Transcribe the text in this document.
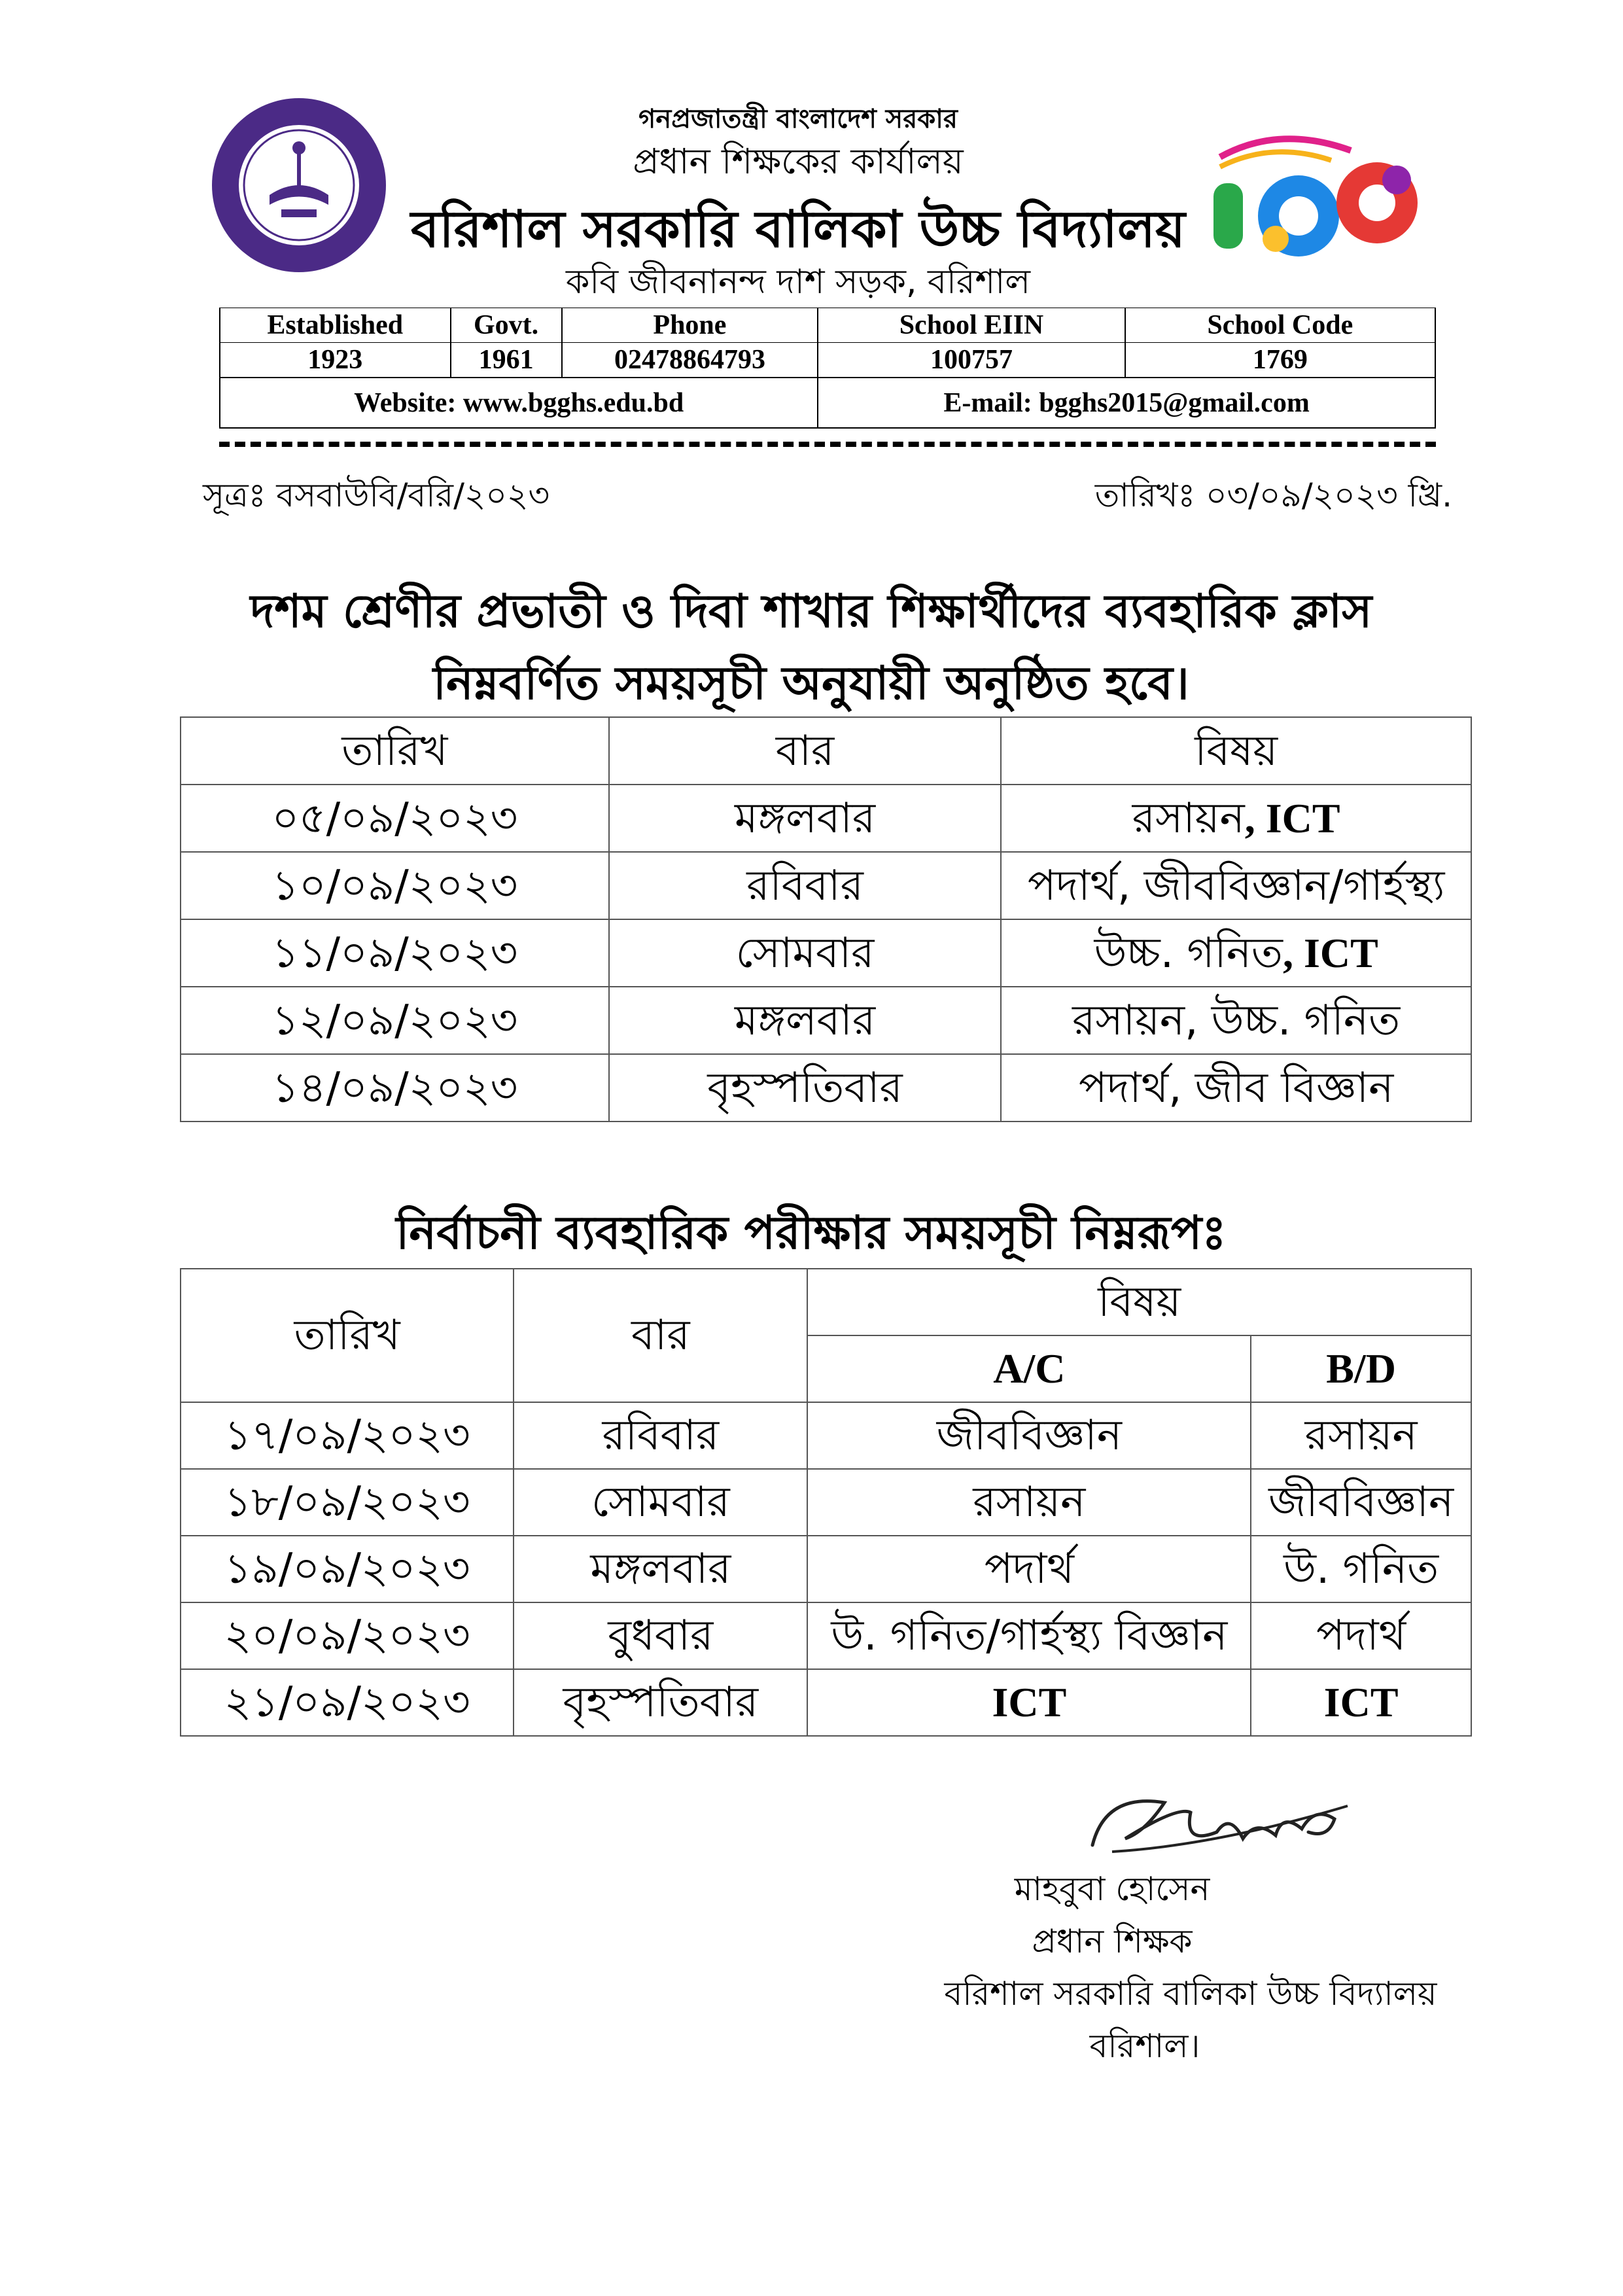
গনপ্রজাতন্ত্রী বাংলাদেশ সরকার
প্রধান শিক্ষকের কার্যালয়
বরিশাল সরকারি বালিকা উচ্চ বিদ্যালয়
কবি জীবনানন্দ দাশ সড়ক, বরিশাল
Established	Govt.	Phone	School EIIN	School Code
1923	1961	02478864793	100757	1769
Website: www.bgghs.edu.bd			E-mail: bgghs2015@gmail.com	
সূত্রঃ বসবাউবি/বরি/২০২৩	তারিখঃ ০৩/০৯/২০২৩ খ্রি.
দশম শ্রেণীর প্রভাতী ও দিবা শাখার শিক্ষার্থীদের ব্যবহারিক ক্লাস
নিম্নবর্ণিত সময়সূচী অনুযায়ী অনুষ্ঠিত হবে।
তারিখ	বার	বিষয়
০৫/০৯/২০২৩	মঙ্গলবার	রসায়ন, ICT
১০/০৯/২০২৩	রবিবার	পদার্থ, জীববিজ্ঞান/গার্হস্থ্য
১১/০৯/২০২৩	সোমবার	উচ্চ. গনিত, ICT
১২/০৯/২০২৩	মঙ্গলবার	রসায়ন, উচ্চ. গনিত
১৪/০৯/২০২৩	বৃহস্পতিবার	পদার্থ, জীব বিজ্ঞান
নির্বাচনী ব্যবহারিক পরীক্ষার সময়সূচী নিম্নরূপঃ
তারিখ	বার	বিষয়	
		A/C	B/D
১৭/০৯/২০২৩	রবিবার	জীববিজ্ঞান	রসায়ন
১৮/০৯/২০২৩	সোমবার	রসায়ন	জীববিজ্ঞান
১৯/০৯/২০২৩	মঙ্গলবার	পদার্থ	উ. গনিত
২০/০৯/২০২৩	বুধবার	উ. গনিত/গার্হস্থ্য বিজ্ঞান	পদার্থ
২১/০৯/২০২৩	বৃহস্পতিবার	ICT	ICT
মাহবুবা হোসেন
প্রধান শিক্ষক
বরিশাল সরকারি বালিকা উচ্চ বিদ্যালয়
বরিশাল।
